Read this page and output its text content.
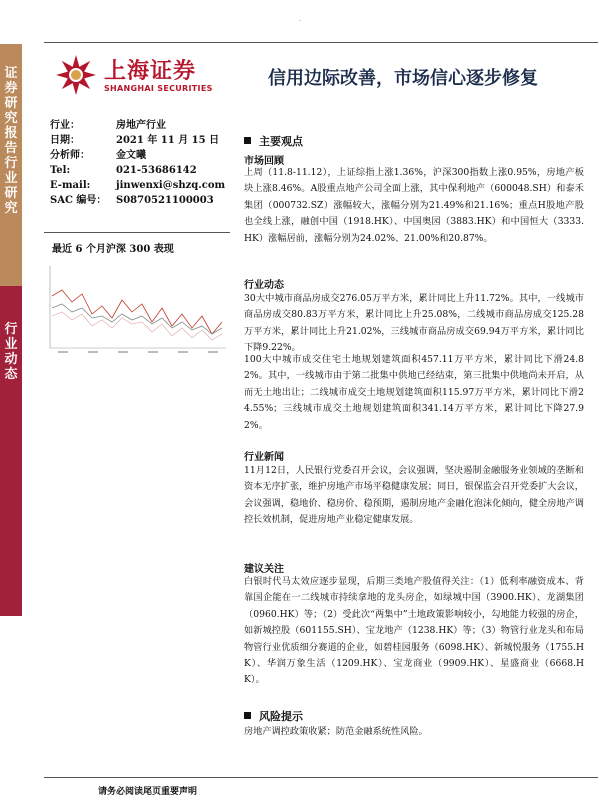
·
证券研究报告 行业研究
行业动态
上海证券
SHANGHAI SECURITIES	信用边际改善，市场信心逐步修复
行业：	房地产行业
日期：	2021 年 11 月 15 日
分析师：	金文曦
Tel:	021-53686142
E-mail:	jinwenxi@shzq.com
SAC 编号： S0870521100003
最近 6 个月沪深 300 表现
主要观点
市场回顾
上周（11.8-11.12），上证综指上涨1.36%，沪深300指数上涨0.95%，房地产板块上涨8.46%。A股重点地产公司全面上涨，其中保利地产（600048.SH）和泰禾集团（000732.SZ）涨幅较大，涨幅分别为21.49%和21.16%；重点H股地产股也全线上涨，融创中国（1918.HK）、中国奥园（3883.HK）和中国恒大（3333.HK）涨幅居前，涨幅分别为24.02%、21.00%和20.87%。
行业动态
30大中城市商品房成交276.05万平方米，累计同比上升11.72%。其中，一线城市商品房成交80.83万平方米，累计同比上升25.08%，二线城市商品房成交125.28万平方米，累计同比上升21.02%，三线城市商品房成交69.94万平方米，累计同比下降9.22%。
100大中城市成交住宅土地规划建筑面积457.11万平方米，累计同比下滑24.82%。其中，一线城市由于第二批集中供地已经结束，第三批集中供地尚未开启，从而无土地出让；二线城市成交土地规划建筑面积115.97万平方米，累计同比下滑24.55%；三线城市成交土地规划建筑面积341.14万平方米，累计同比下降27.92%。
行业新闻
11月12日，人民银行党委召开会议，会议强调，坚决遏制金融服务业领域的垄断和资本无序扩张，维护房地产市场平稳健康发展；同日，银保监会召开党委扩大会议，会议强调，稳地价、稳房价、稳预期，遏制房地产金融化泡沫化倾向，健全房地产调控长效机制，促进房地产业稳定健康发展。
建议关注
白银时代马太效应逐步显现，后期三类地产股值得关注：（1）低利率融资成本、背靠国企能在一二线城市持续拿地的龙头房企，如绿城中国（3900.HK）、龙湖集团（0960.HK）等；（2）受此次“两集中”土地政策影响较小，勾地能力较强的房企，如新城控股（601155.SH）、宝龙地产（1238.HK）等；（3）物管行业龙头和布局物管行业优质细分赛道的企业，如碧桂园服务（6098.HK）、新城悦服务（1755.HK）、华润万象生活（1209.HK）、宝龙商业（9909.HK）、星盛商业（6668.HK）。
风险提示
房地产调控政策收紧；防范金融系统性风险。
请务必阅读尾页重要声明
